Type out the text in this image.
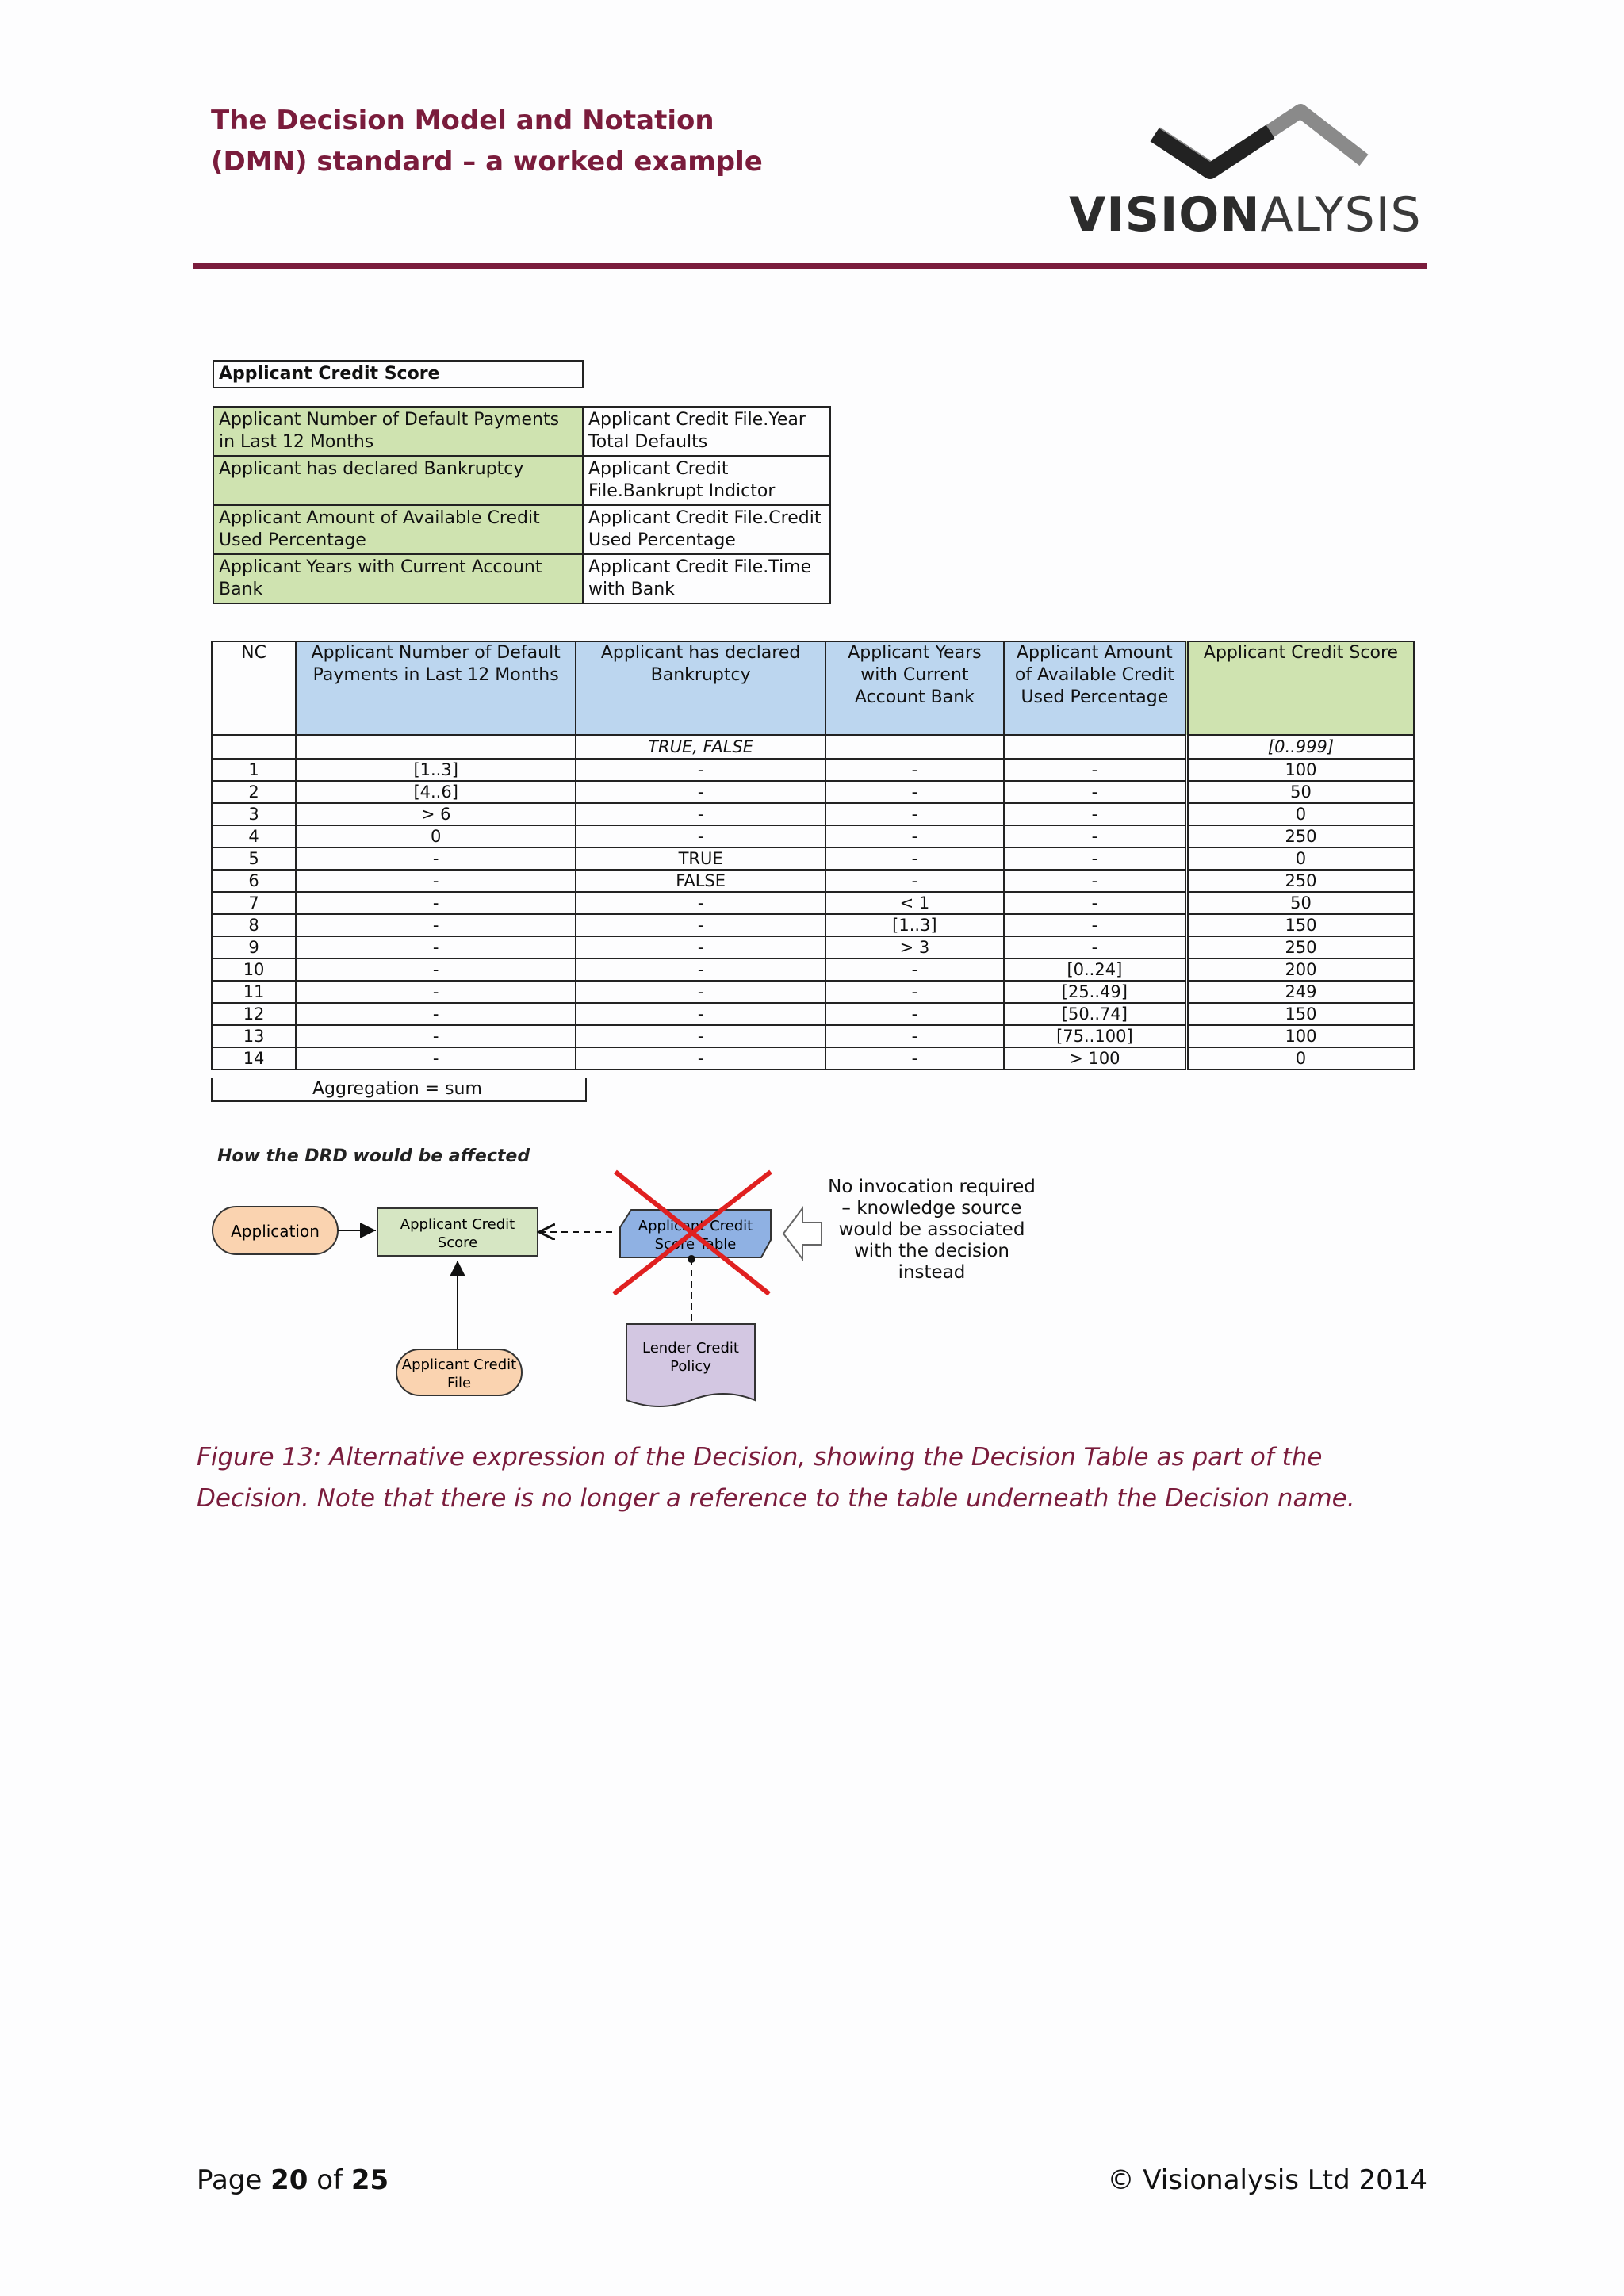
The Decision Model and Notation
(DMN) standard – a worked example
VISIONALYSIS
Applicant Credit Score
Applicant Number of Default Payments in Last 12 Months	Applicant Credit File.Year Total Defaults
Applicant has declared Bankruptcy	Applicant Credit File.Bankrupt Indictor
Applicant Amount of Available Credit Used Percentage	Applicant Credit File.Credit Used Percentage
Applicant Years with Current Account Bank	Applicant Credit File.Time with Bank
NC	Applicant Number of Default Payments in Last 12 Months	Applicant has declared Bankruptcy	Applicant Years with Current Account Bank	Applicant Amount of Available Credit Used Percentage	Applicant Credit Score
		TRUE, FALSE			[0..999]
1	[1..3]	-	-	-	100
2	[4..6]	-	-	-	50
3	> 6	-	-	-	0
4	0	-	-	-	250
5	-	TRUE	-	-	0
6	-	FALSE	-	-	250
7	-	-	< 1	-	50
8	-	-	[1..3]	-	150
9	-	-	> 3	-	250
10	-	-	-	[0..24]	200
11	-	-	-	[25..49]	249
12	-	-	-	[50..74]	150
13	-	-	-	[75..100]	100
14	-	-	-	> 100	0
Aggregation = sum
How the DRD would be affected
Application	Applicant Credit
Score
Applicant Credit
Score Table
Applicant Credit
File
Lender Credit
Policy
No invocation required
– knowledge source
would be associated
with the decision
instead
Figure 13: Alternative expression of the Decision, showing the Decision Table as part of the
Decision. Note that there is no longer a reference to the table underneath the Decision name.
Page 20 of 25	© Visionalysis Ltd 2014
